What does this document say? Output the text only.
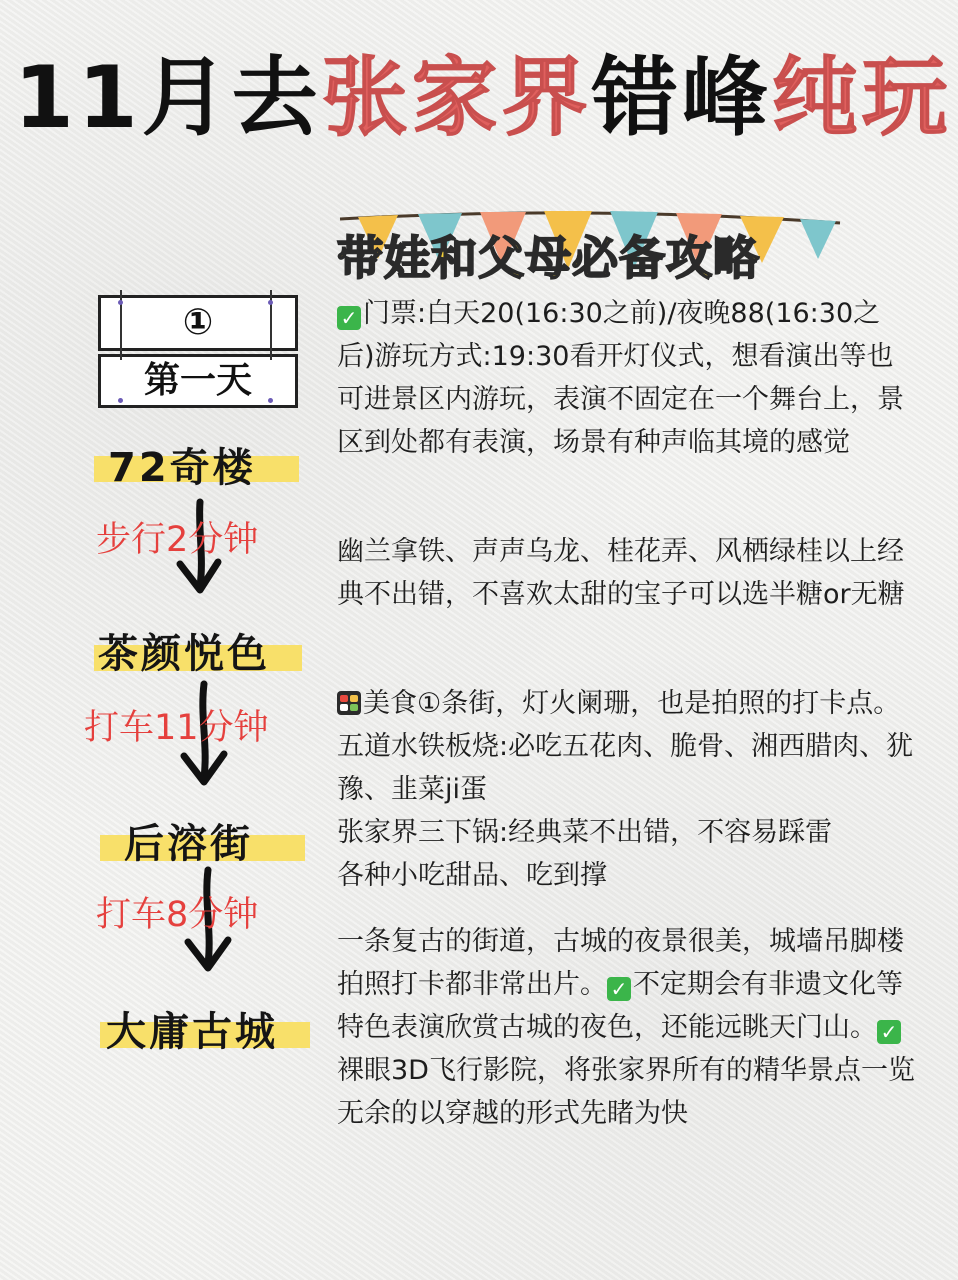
11月去张家界错峰纯玩
带娃和父母必备攻略
①
第一天
72奇楼
步行2分钟
茶颜悦色
打车11分钟
后溶街
打车8分钟
大庸古城
✓ 门票:白天20(16:30之前)/夜晚88(16:30之后)游玩方式:19:30看开灯仪式，想看演出等也可进景区内游玩，表演不固定在一个舞台上，景区到处都有表演，场景有种声临其境的感觉
幽兰拿铁、声声乌龙、桂花弄、风栖绿桂以上经典不出错，不喜欢太甜的宝子可以选半糖or无糖
美食①条街，灯火阑珊，也是拍照的打卡点。五道水铁板烧:必吃五花肉、脆骨、湘西腊肉、犹豫、韭菜ji蛋
张家界三下锅:经典菜不出错，不容易踩雷
各种小吃甜品、吃到撑
一条复古的街道，古城的夜景很美，城墙吊脚楼拍照打卡都非常出片。 ✓ 不定期会有非遗文化等特色表演欣赏古城的夜色，还能远眺天门山。 ✓裸眼3D飞行影院，将张家界所有的精华景点一览无余的以穿越的形式先睹为快
